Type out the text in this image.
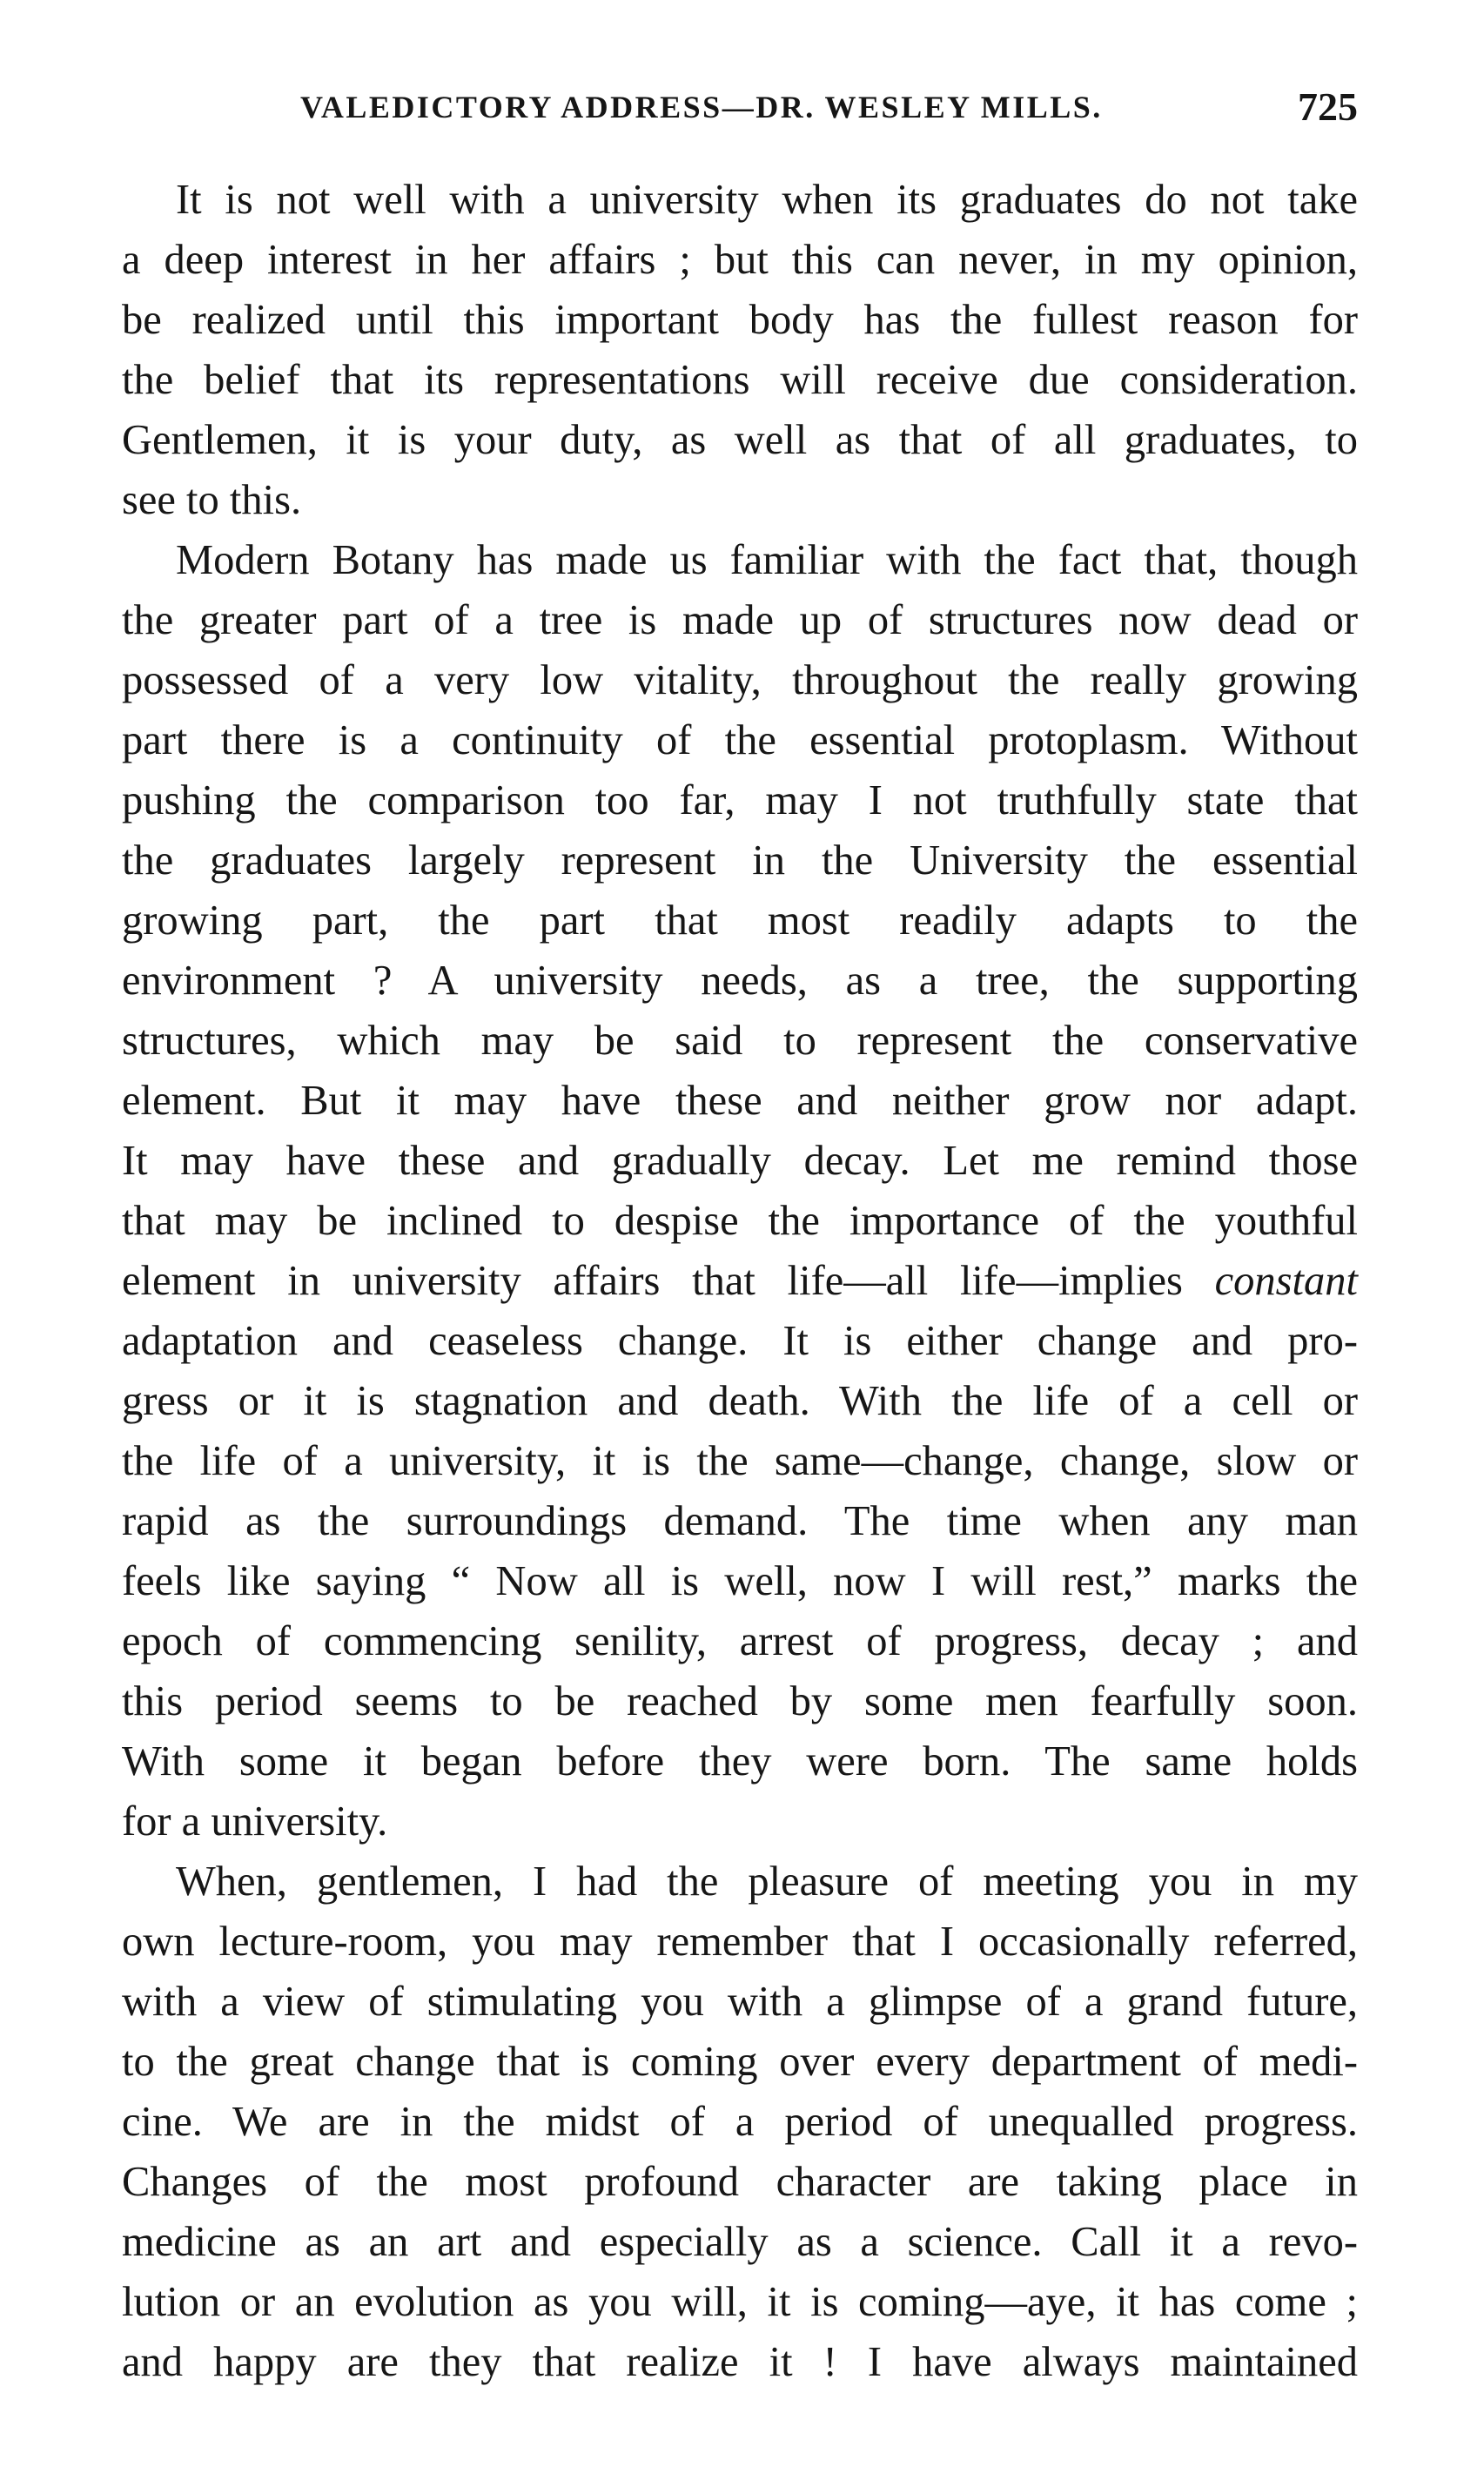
VALEDICTORY ADDRESS—DR. WESLEY MILLS.	725
It is not well with a university when its graduates do not take
a deep interest in her affairs ; but this can never, in my opinion,
be realized until this important body has the fullest reason for
the belief that its representations will receive due consideration.
Gentlemen, it is your duty, as well as that of all graduates, to
see to this.
Modern Botany has made us familiar with the fact that, though
the greater part of a tree is made up of structures now dead or
possessed of a very low vitality, throughout the really growing
part there is a continuity of the essential protoplasm. Without
pushing the comparison too far, may I not truthfully state that
the graduates largely represent in the University the essential
growing part, the part that most readily adapts to the
environment ? A university needs, as a tree, the supporting
structures, which may be said to represent the conservative
element. But it may have these and neither grow nor adapt.
It may have these and gradually decay. Let me remind those
that may be inclined to despise the importance of the youthful
element in university affairs that life—all life—implies constant
adaptation and ceaseless change. It is either change and pro-
gress or it is stagnation and death. With the life of a cell or
the life of a university, it is the same—change, change, slow or
rapid as the surroundings demand. The time when any man
feels like saying “ Now all is well, now I will rest,” marks the
epoch of commencing senility, arrest of progress, decay ; and
this period seems to be reached by some men fearfully soon.
With some it began before they were born. The same holds
for a university.
When, gentlemen, I had the pleasure of meeting you in my
own lecture-room, you may remember that I occasionally referred,
with a view of stimulating you with a glimpse of a grand future,
to the great change that is coming over every department of medi-
cine. We are in the midst of a period of unequalled progress.
Changes of the most profound character are taking place in
medicine as an art and especially as a science. Call it a revo-
lution or an evolution as you will, it is coming—aye, it has come ;
and happy are they that realize it ! I have always maintained
